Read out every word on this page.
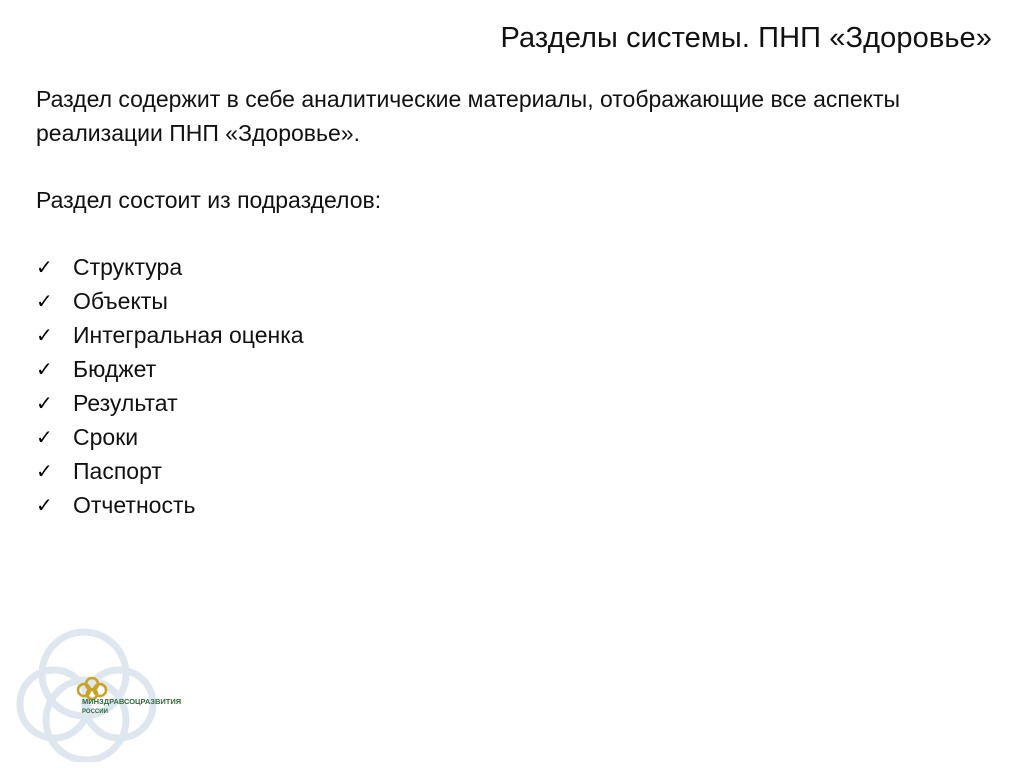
Разделы системы. ПНП «Здоровье»

Раздел содержит в себе аналитические материалы, отображающие все аспекты реализации ПНП «Здоровье».

Раздел состоит из подразделов:

✓ Структура
✓ Объекты
✓ Интегральная оценка
✓ Бюджет
✓ Результат
✓ Сроки
✓ Паспорт
✓ Отчетность
МИНЗДРАВСОЦРАЗВИТИЯ
РОССИИ
